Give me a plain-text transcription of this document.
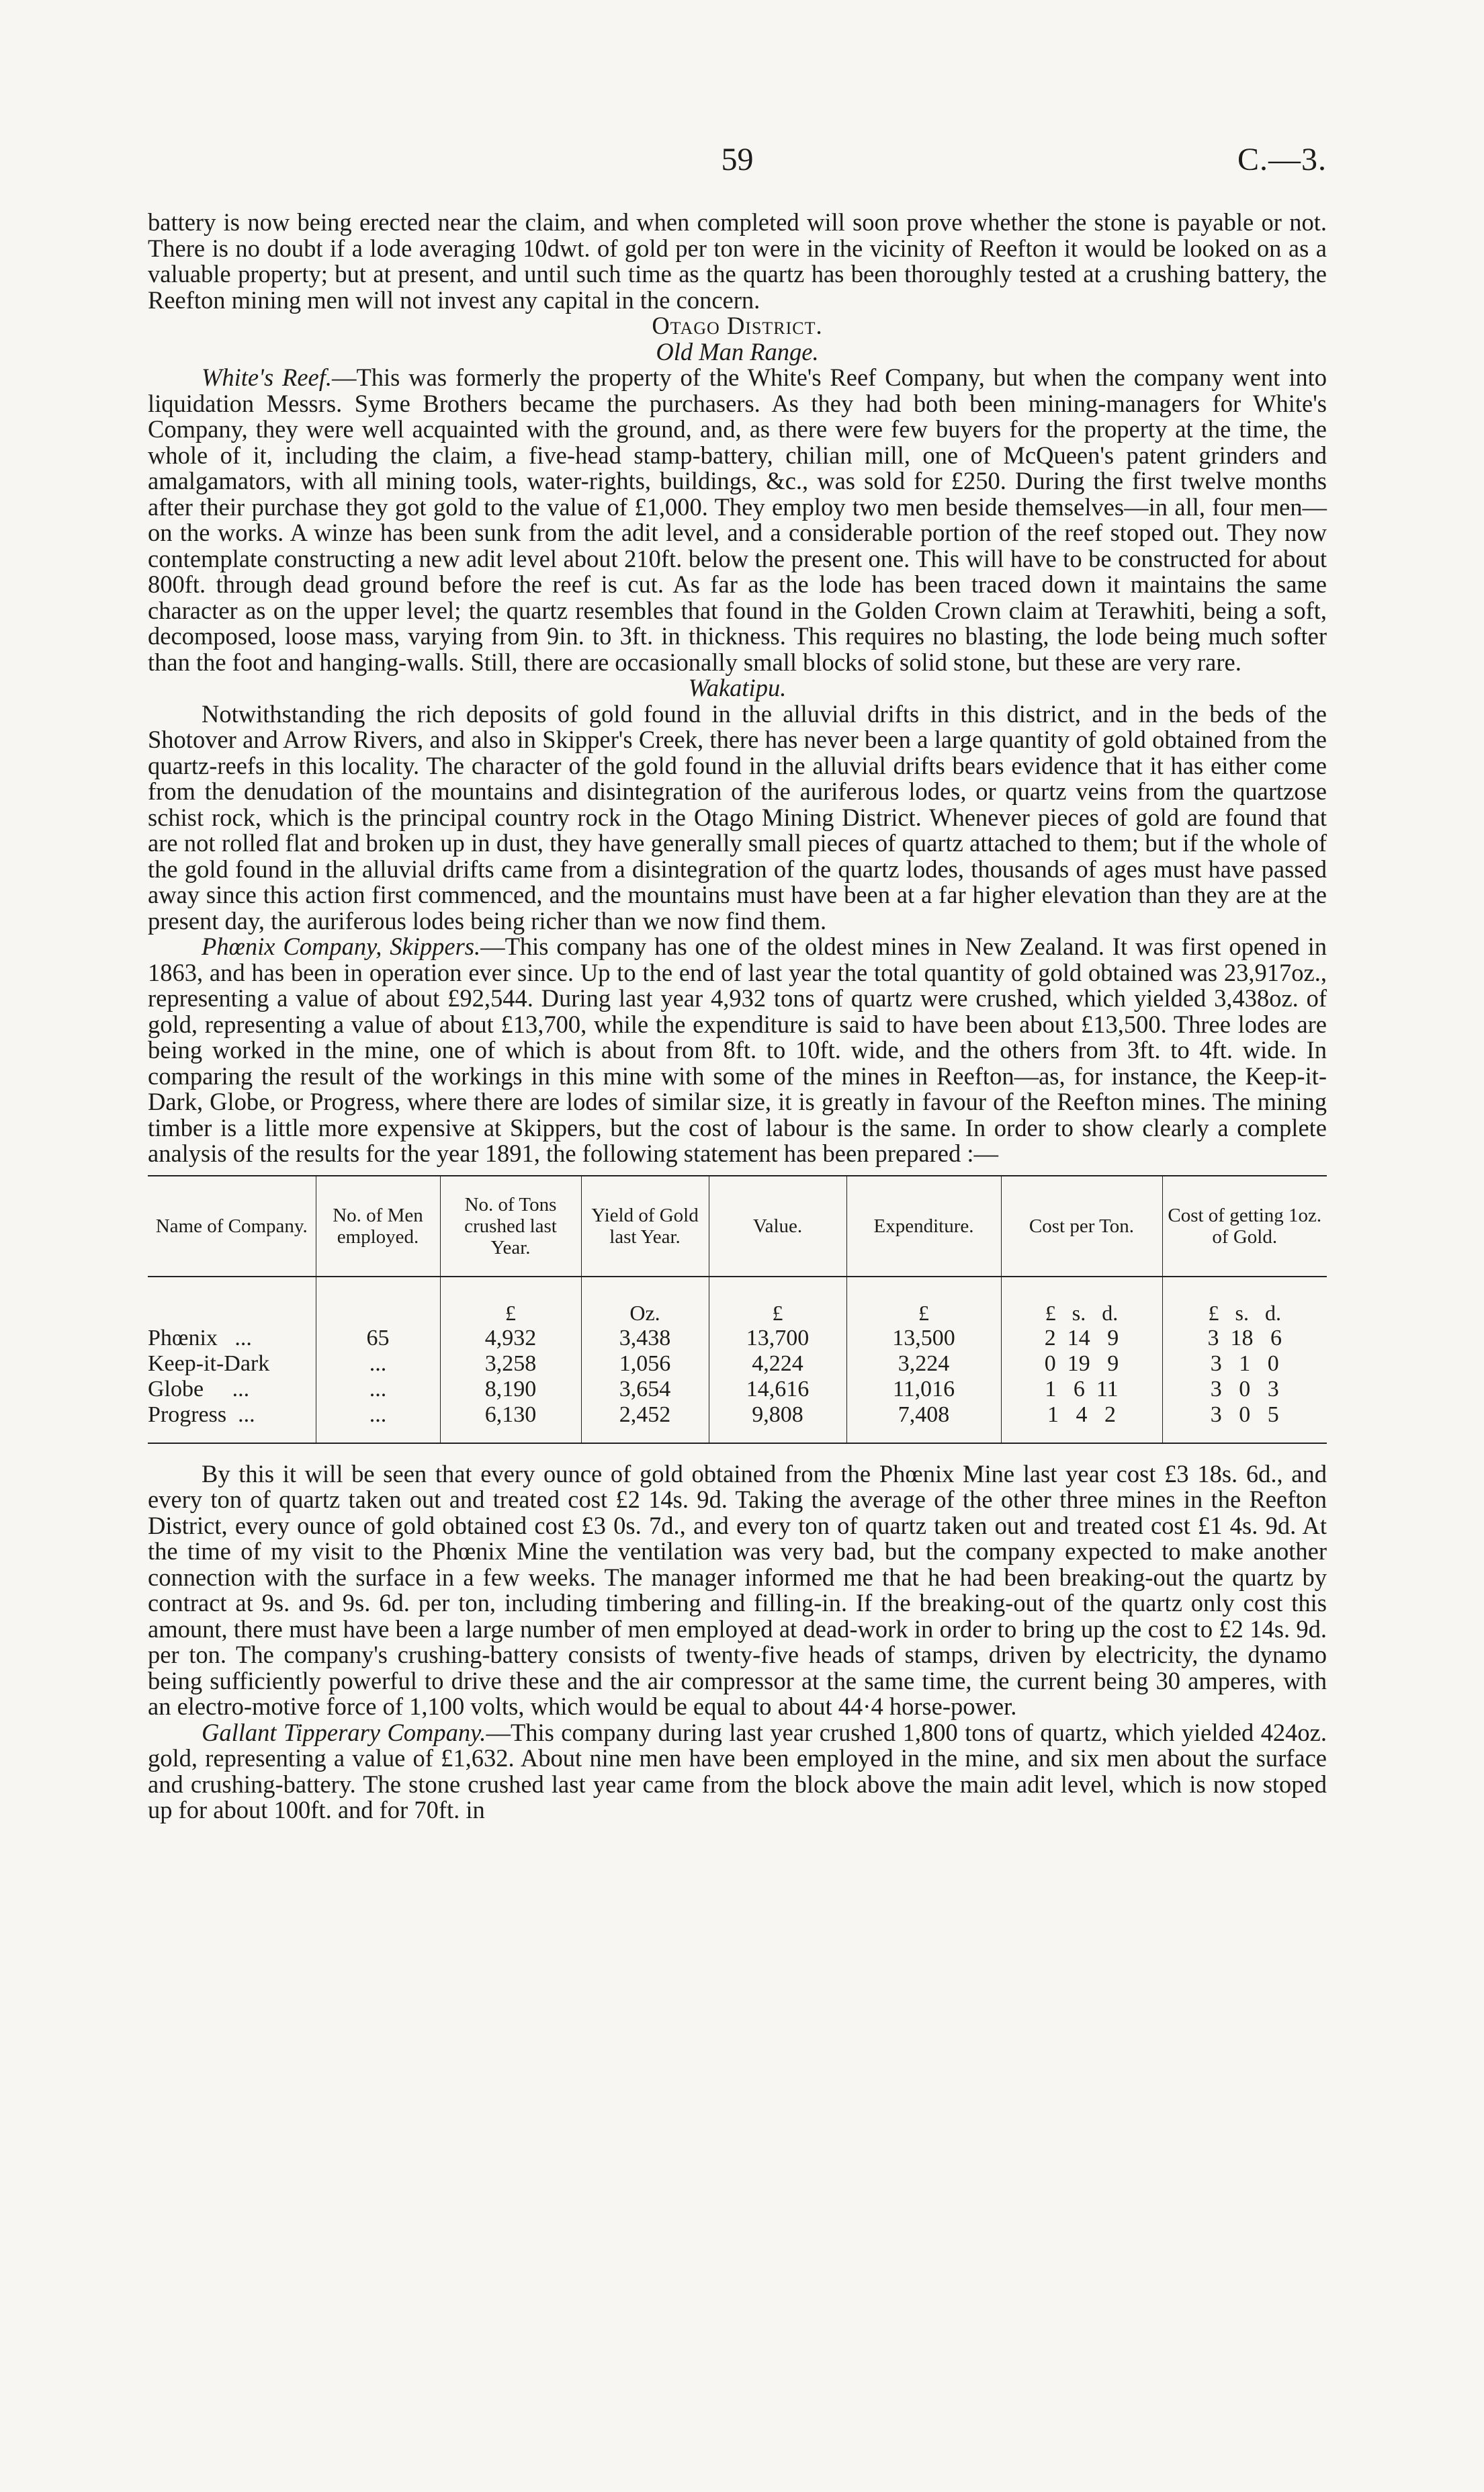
59	C.—3.

battery is now being erected near the claim, and when completed will soon prove whether the stone is payable or not. There is no doubt if a lode averaging 10dwt. of gold per ton were in the vicinity of Reefton it would be looked on as a valuable property; but at present, and until such time as the quartz has been thoroughly tested at a crushing battery, the Reefton mining men will not invest any capital in the concern.

Otago District.

Old Man Range.

White's Reef.—This was formerly the property of the White's Reef Company, but when the company went into liquidation Messrs. Syme Brothers became the purchasers. As they had both been mining-managers for White's Company, they were well acquainted with the ground, and, as there were few buyers for the property at the time, the whole of it, including the claim, a five-head stamp-battery, chilian mill, one of McQueen's patent grinders and amalgamators, with all mining tools, water-rights, buildings, &c., was sold for £250. During the first twelve months after their purchase they got gold to the value of £1,000. They employ two men beside themselves—in all, four men—on the works. A winze has been sunk from the adit level, and a considerable portion of the reef stoped out. They now contemplate constructing a new adit level about 210ft. below the present one. This will have to be constructed for about 800ft. through dead ground before the reef is cut. As far as the lode has been traced down it maintains the same character as on the upper level; the quartz resembles that found in the Golden Crown claim at Terawhiti, being a soft, decomposed, loose mass, varying from 9in. to 3ft. in thickness. This requires no blasting, the lode being much softer than the foot and hanging-walls. Still, there are occasionally small blocks of solid stone, but these are very rare.

Wakatipu.

Notwithstanding the rich deposits of gold found in the alluvial drifts in this district, and in the beds of the Shotover and Arrow Rivers, and also in Skipper's Creek, there has never been a large quantity of gold obtained from the quartz-reefs in this locality. The character of the gold found in the alluvial drifts bears evidence that it has either come from the denudation of the mountains and disintegration of the auriferous lodes, or quartz veins from the quartzose schist rock, which is the principal country rock in the Otago Mining District. Whenever pieces of gold are found that are not rolled flat and broken up in dust, they have generally small pieces of quartz attached to them; but if the whole of the gold found in the alluvial drifts came from a disintegration of the quartz lodes, thousands of ages must have passed away since this action first commenced, and the mountains must have been at a far higher elevation than they are at the present day, the auriferous lodes being richer than we now find them.

Phœnix Company, Skippers.—This company has one of the oldest mines in New Zealand. It was first opened in 1863, and has been in operation ever since. Up to the end of last year the total quantity of gold obtained was 23,917oz., representing a value of about £92,544. During last year 4,932 tons of quartz were crushed, which yielded 3,438oz. of gold, representing a value of about £13,700, while the expenditure is said to have been about £13,500. Three lodes are being worked in the mine, one of which is about from 8ft. to 10ft. wide, and the others from 3ft. to 4ft. wide. In comparing the result of the workings in this mine with some of the mines in Reefton—as, for instance, the Keep-it-Dark, Globe, or Progress, where there are lodes of similar size, it is greatly in favour of the Reefton mines. The mining timber is a little more expensive at Skippers, but the cost of labour is the same. In order to show clearly a complete analysis of the results for the year 1891, the following statement has been prepared :—

Name of Company.	No. of Men employed.	No. of Tons crushed last Year.	Yield of Gold last Year.	Value.	Expenditure.	Cost per Ton.	Cost of getting 1oz. of Gold.
		£	Oz.	£	£	£   s.   d.	£   s.   d.
Phœnix   ...	65	4,932	3,438	13,700	13,500	2  14   9	3  18   6
Keep-it-Dark	...	3,258	1,056	4,224	3,224	0  19   9	3   1   0
Globe     ...	...	8,190	3,654	14,616	11,016	1   6  11	3   0   3
Progress  ...	...	6,130	2,452	9,808	7,408	1   4   2	3   0   5

By this it will be seen that every ounce of gold obtained from the Phœnix Mine last year cost £3 18s. 6d., and every ton of quartz taken out and treated cost £2 14s. 9d. Taking the average of the other three mines in the Reefton District, every ounce of gold obtained cost £3 0s. 7d., and every ton of quartz taken out and treated cost £1 4s. 9d. At the time of my visit to the Phœnix Mine the ventilation was very bad, but the company expected to make another connection with the surface in a few weeks. The manager informed me that he had been breaking-out the quartz by contract at 9s. and 9s. 6d. per ton, including timbering and filling-in. If the breaking-out of the quartz only cost this amount, there must have been a large number of men employed at dead-work in order to bring up the cost to £2 14s. 9d. per ton. The company's crushing-battery consists of twenty-five heads of stamps, driven by electricity, the dynamo being sufficiently powerful to drive these and the air compressor at the same time, the current being 30 amperes, with an electro-motive force of 1,100 volts, which would be equal to about 44·4 horse-power.

Gallant Tipperary Company.—This company during last year crushed 1,800 tons of quartz, which yielded 424oz. gold, representing a value of £1,632. About nine men have been employed in the mine, and six men about the surface and crushing-battery. The stone crushed last year came from the block above the main adit level, which is now stoped up for about 100ft. and for 70ft. in
